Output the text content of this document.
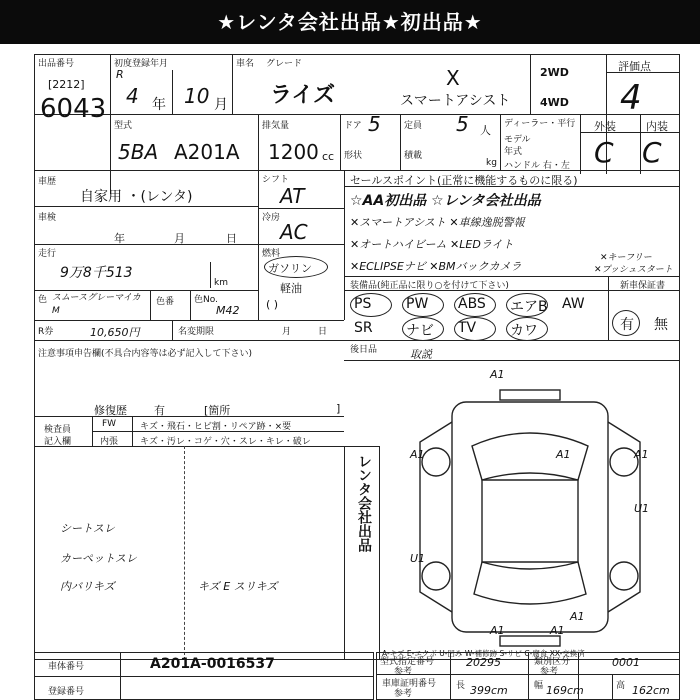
★レンタ会社出品★初出品★
出品番号
[2212]
6043
初度登録年月
R
4 年 10 月
車名 グレード
ライズ
X
スマートアシスト
2WD
4WD
評価点
4
型式
5BA A201A
排気量
1200 cc
ドア 5
形状
定員 5 人
積載
kg
ディーラー・平行
モデル
年式
ハンドル 右・左
外装	内装
C C
車歴
自家用 ・(レンタ)
シフト
AT
冷房
AC
燃料
ガソリン
軽油
( )
車検
年	月	日
走行
9万8千513
km
色 スムースグレーマイカM
色番 色No.
M42
R券	10,650円	名変期限	月	日
注意事項申告欄(不具合内容等は必ず記入して下さい)
修復歴 有	[箇所	]
検査員
記入欄
FW	キズ・飛石・ヒビ割・リペア跡・×要
内張 キズ・汚レ・コゲ・穴・スレ・キレ・破レ
レンタ会社出品
シートスレ
カーペットスレ
内バリキズ	キズ E スリキズ
セールスポイント(正常に機能するものに限る)
☆AA初出品 ☆レンタ会社出品
✕スマートアシスト ✕車線逸脱警報
✕オートハイビーム ✕LEDライト
✕ECLIPSEナビ ✕BMバックカメラ
✕キーフリー
✕プッシュスタート
装備品(純正品に限り○を付けて下さい)	新車保証書
有 無
後日品	取説
A1
A1	A1	A1
U1
U1
A1	A1
A1
A-キズ E-エクボ U-凹み W-補修跡 S-サビ C-腐食 XX-交換済
車体番号	A201A-0016537
登録番号
型式指定番号
参考
20295	類別区分
参考
0001
車庫証明番号
参考
長 399cm	幅 169cm	高 162cm
PS PW ABS エアB AW
SR ナビ TV カワ
